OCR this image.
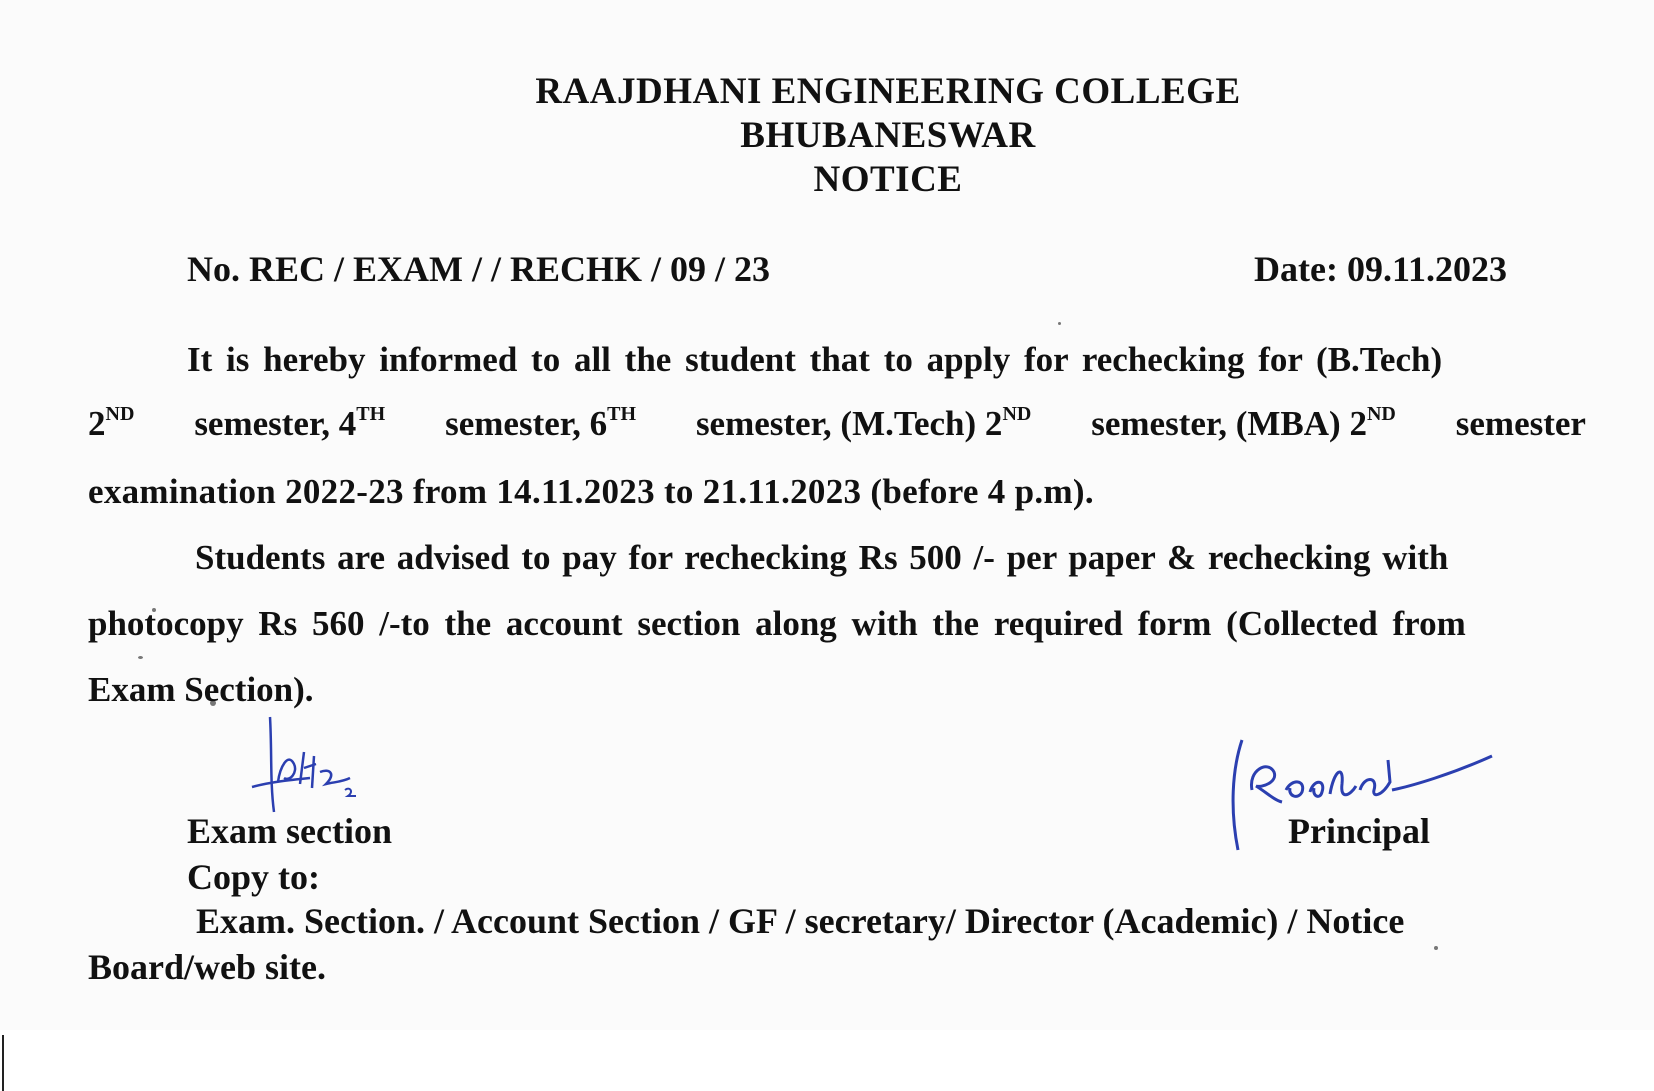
RAAJDHANI ENGINEERING COLLEGE
BHUBANESWAR
NOTICE
No. REC / EXAM / / RECHK / 09 / 23	Date: 09.11.2023
It is hereby informed to all the student that to apply for rechecking for (B.Tech)
2ND semester, 4TH semester, 6TH semester, (M.Tech) 2ND semester, (MBA) 2ND semester
examination 2022-23 from 14.11.2023 to 21.11.2023 (before 4 p.m).
Students are advised to pay for rechecking Rs 500 /- per paper & rechecking with
photocopy Rs 560 /-to the account section along with the required form (Collected from
Exam Section).
Exam section	Principal
Copy to:
Exam. Section. / Account Section / GF / secretary/ Director (Academic) / Notice
Board/web site.
